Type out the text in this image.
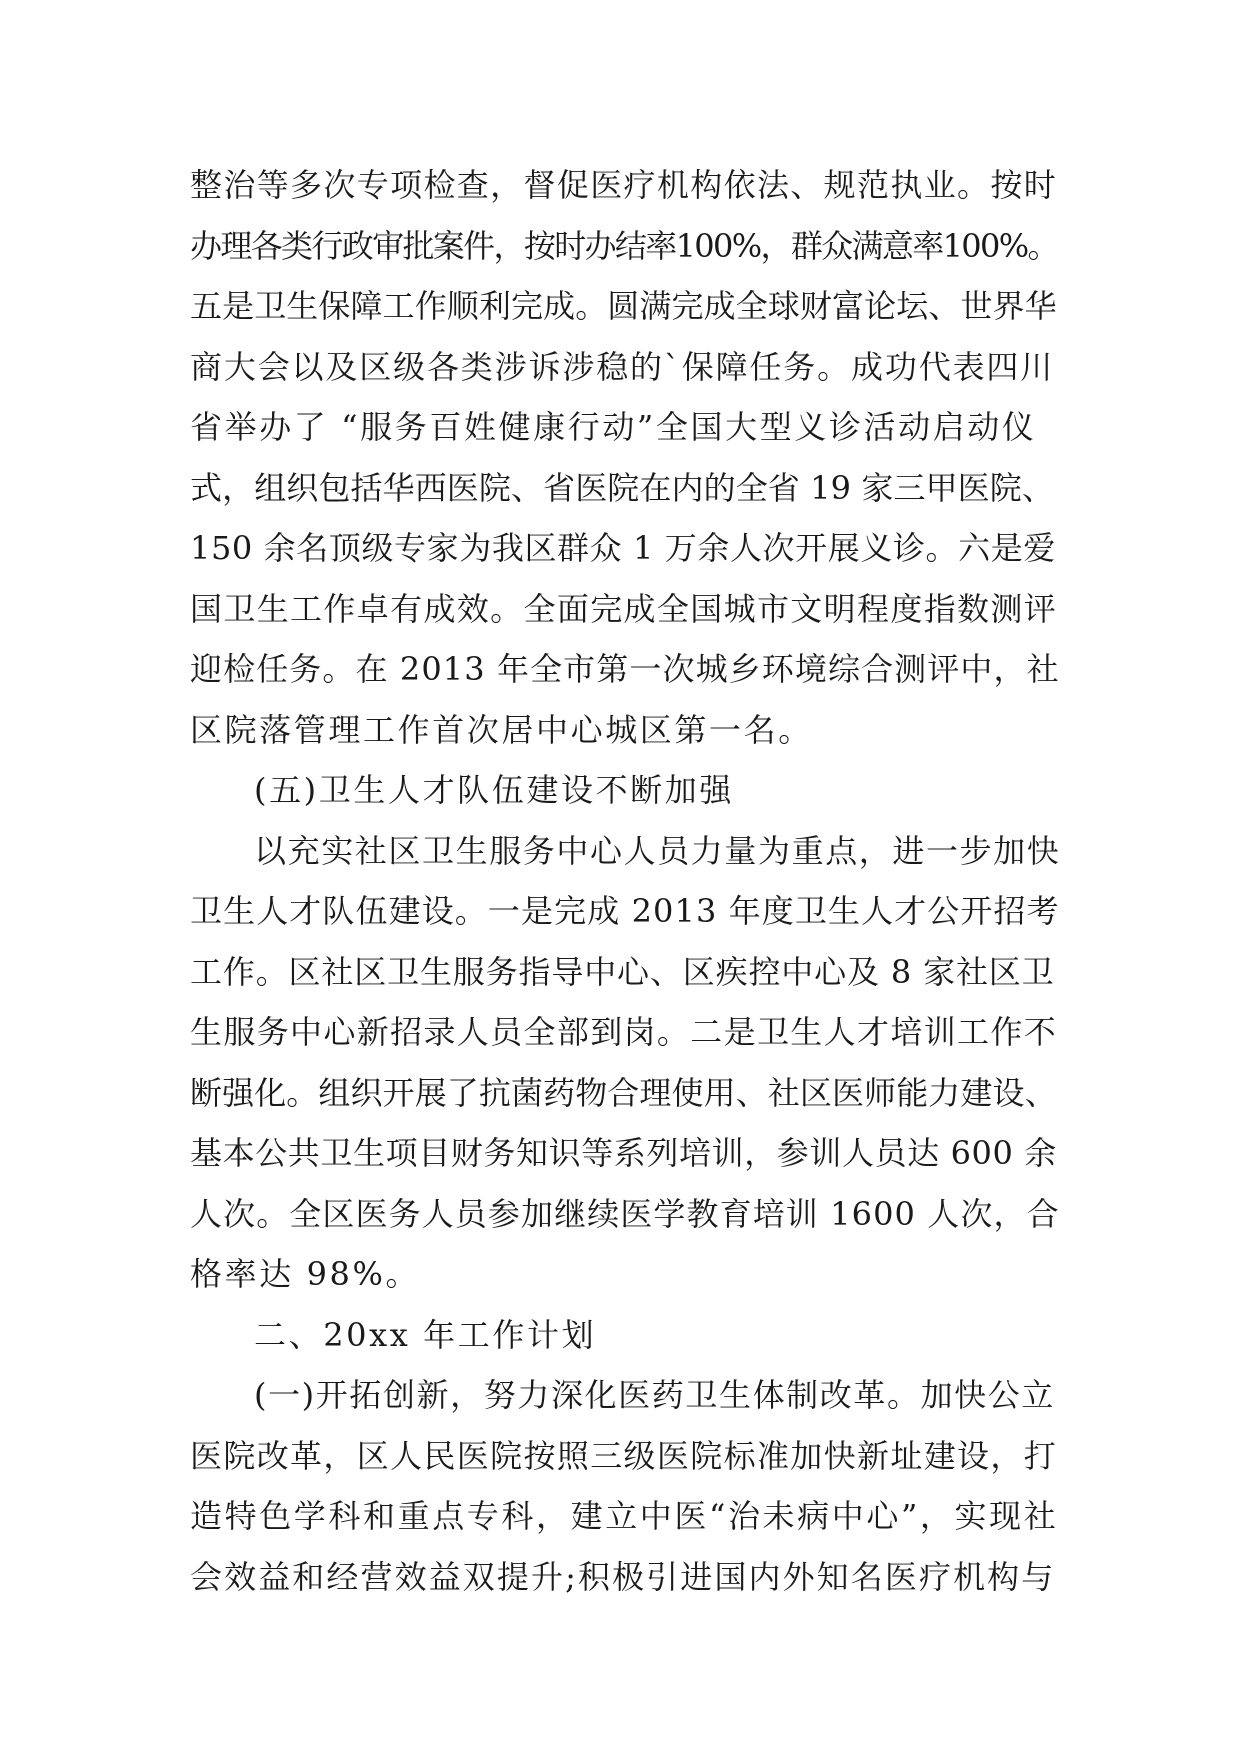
整治等多次专项检查，督促医疗机构依法、规范执业。按时
办理各类行政审批案件，按时办结率100%，群众满意率100%。
五是卫生保障工作顺利完成。圆满完成全球财富论坛、世界华
商大会以及区级各类涉诉涉稳的`保障任务。成功代表四川
省举办了 “服务百姓健康行动”全国大型义诊活动启动仪
式，组织包括华西医院、省医院在内的全省 19 家三甲医院、
150 余名顶级专家为我区群众 1 万余人次开展义诊。六是爱
国卫生工作卓有成效。全面完成全国城市文明程度指数测评
迎检任务。在 2013 年全市第一次城乡环境综合测评中，社
区院落管理工作首次居中心城区第一名。
(五)卫生人才队伍建设不断加强
以充实社区卫生服务中心人员力量为重点，进一步加快
卫生人才队伍建设。一是完成 2013 年度卫生人才公开招考
工作。区社区卫生服务指导中心、区疾控中心及 8 家社区卫
生服务中心新招录人员全部到岗。二是卫生人才培训工作不
断强化。组织开展了抗菌药物合理使用、社区医师能力建设、
基本公共卫生项目财务知识等系列培训，参训人员达 600 余
人次。全区医务人员参加继续医学教育培训 1600 人次，合
格率达 98%。
二、20xx 年工作计划
(一)开拓创新，努力深化医药卫生体制改革。加快公立
医院改革，区人民医院按照三级医院标准加快新址建设，打
造特色学科和重点专科，建立中医“治未病中心”，实现社
会效益和经营效益双提升;积极引进国内外知名医疗机构与
